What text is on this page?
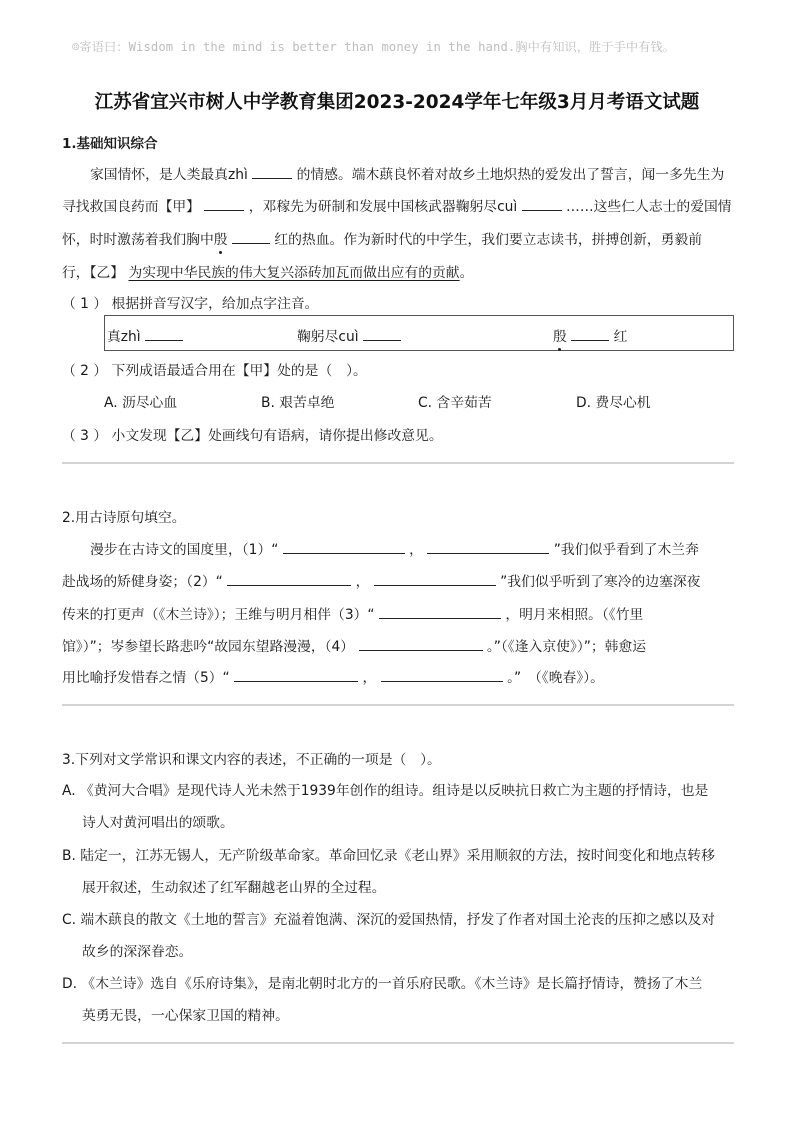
☺寄语曰：Wisdom in the mind is better than money in the hand.胸中有知识，胜于手中有钱。
江苏省宜兴市树人中学教育集团2023-2024学年七年级3月月考语文试题
1.基础知识综合
家国情怀，是人类最真zhì	的情感。端木蕻良怀着对故乡土地炽热的爱发出了誓言，闻一多先生为
寻找救国良药而【甲】	，邓稼先为研制和发展中国核武器鞠躬尽cuì	……这些仁人志士的爱国情
怀，时时激荡着我们胸中殷	红的热血。作为新时代的中学生，我们要立志读书，拼搏创新，勇毅前
行，【乙】 为实现中华民族的伟大复兴添砖加瓦而做出应有的贡献。
（ 1 ） 根据拼音写汉字，给加点字注音。
真zhì	鞠躬尽cuì	殷	红
（ 2 ） 下列成语最适合用在【甲】处的是（　）。
A. 沥尽心血	B. 艰苦卓绝	C. 含辛茹苦	D. 费尽心机
（ 3 ） 小文发现【乙】处画线句有语病，请你提出修改意见。
2.用古诗原句填空。
漫步在古诗文的国度里，（1）“	，	”我们似乎看到了木兰奔
赴战场的矫健身姿；（2）“	，	”我们似乎听到了寒冷的边塞深夜
传来的打更声（《木兰诗》）；王维与明月相伴（3）“	，明月来相照。（《竹里
馆》）”；岑参望长路悲吟“故园东望路漫漫，（4）	。”（《逢入京使》）”；韩愈运
用比喻抒发惜春之情（5）“	，	。”　（《晚春》）。
3.下列对文学常识和课文内容的表述，不正确的一项是（　）。
A. 《黄河大合唱》是现代诗人光未然于1939年创作的组诗。组诗是以反映抗日救亡为主题的抒情诗，也是
诗人对黄河唱出的颂歌。
B. 陆定一，江苏无锡人，无产阶级革命家。革命回忆录《老山界》采用顺叙的方法，按时间变化和地点转移
展开叙述，生动叙述了红军翻越老山界的全过程。
C. 端木蕻良的散文《土地的誓言》充溢着饱满、深沉的爱国热情，抒发了作者对国土沦丧的压抑之感以及对
故乡的深深眷恋。
D. 《木兰诗》选自《乐府诗集》，是南北朝时北方的一首乐府民歌。《木兰诗》是长篇抒情诗，赞扬了木兰
英勇无畏，一心保家卫国的精神。
